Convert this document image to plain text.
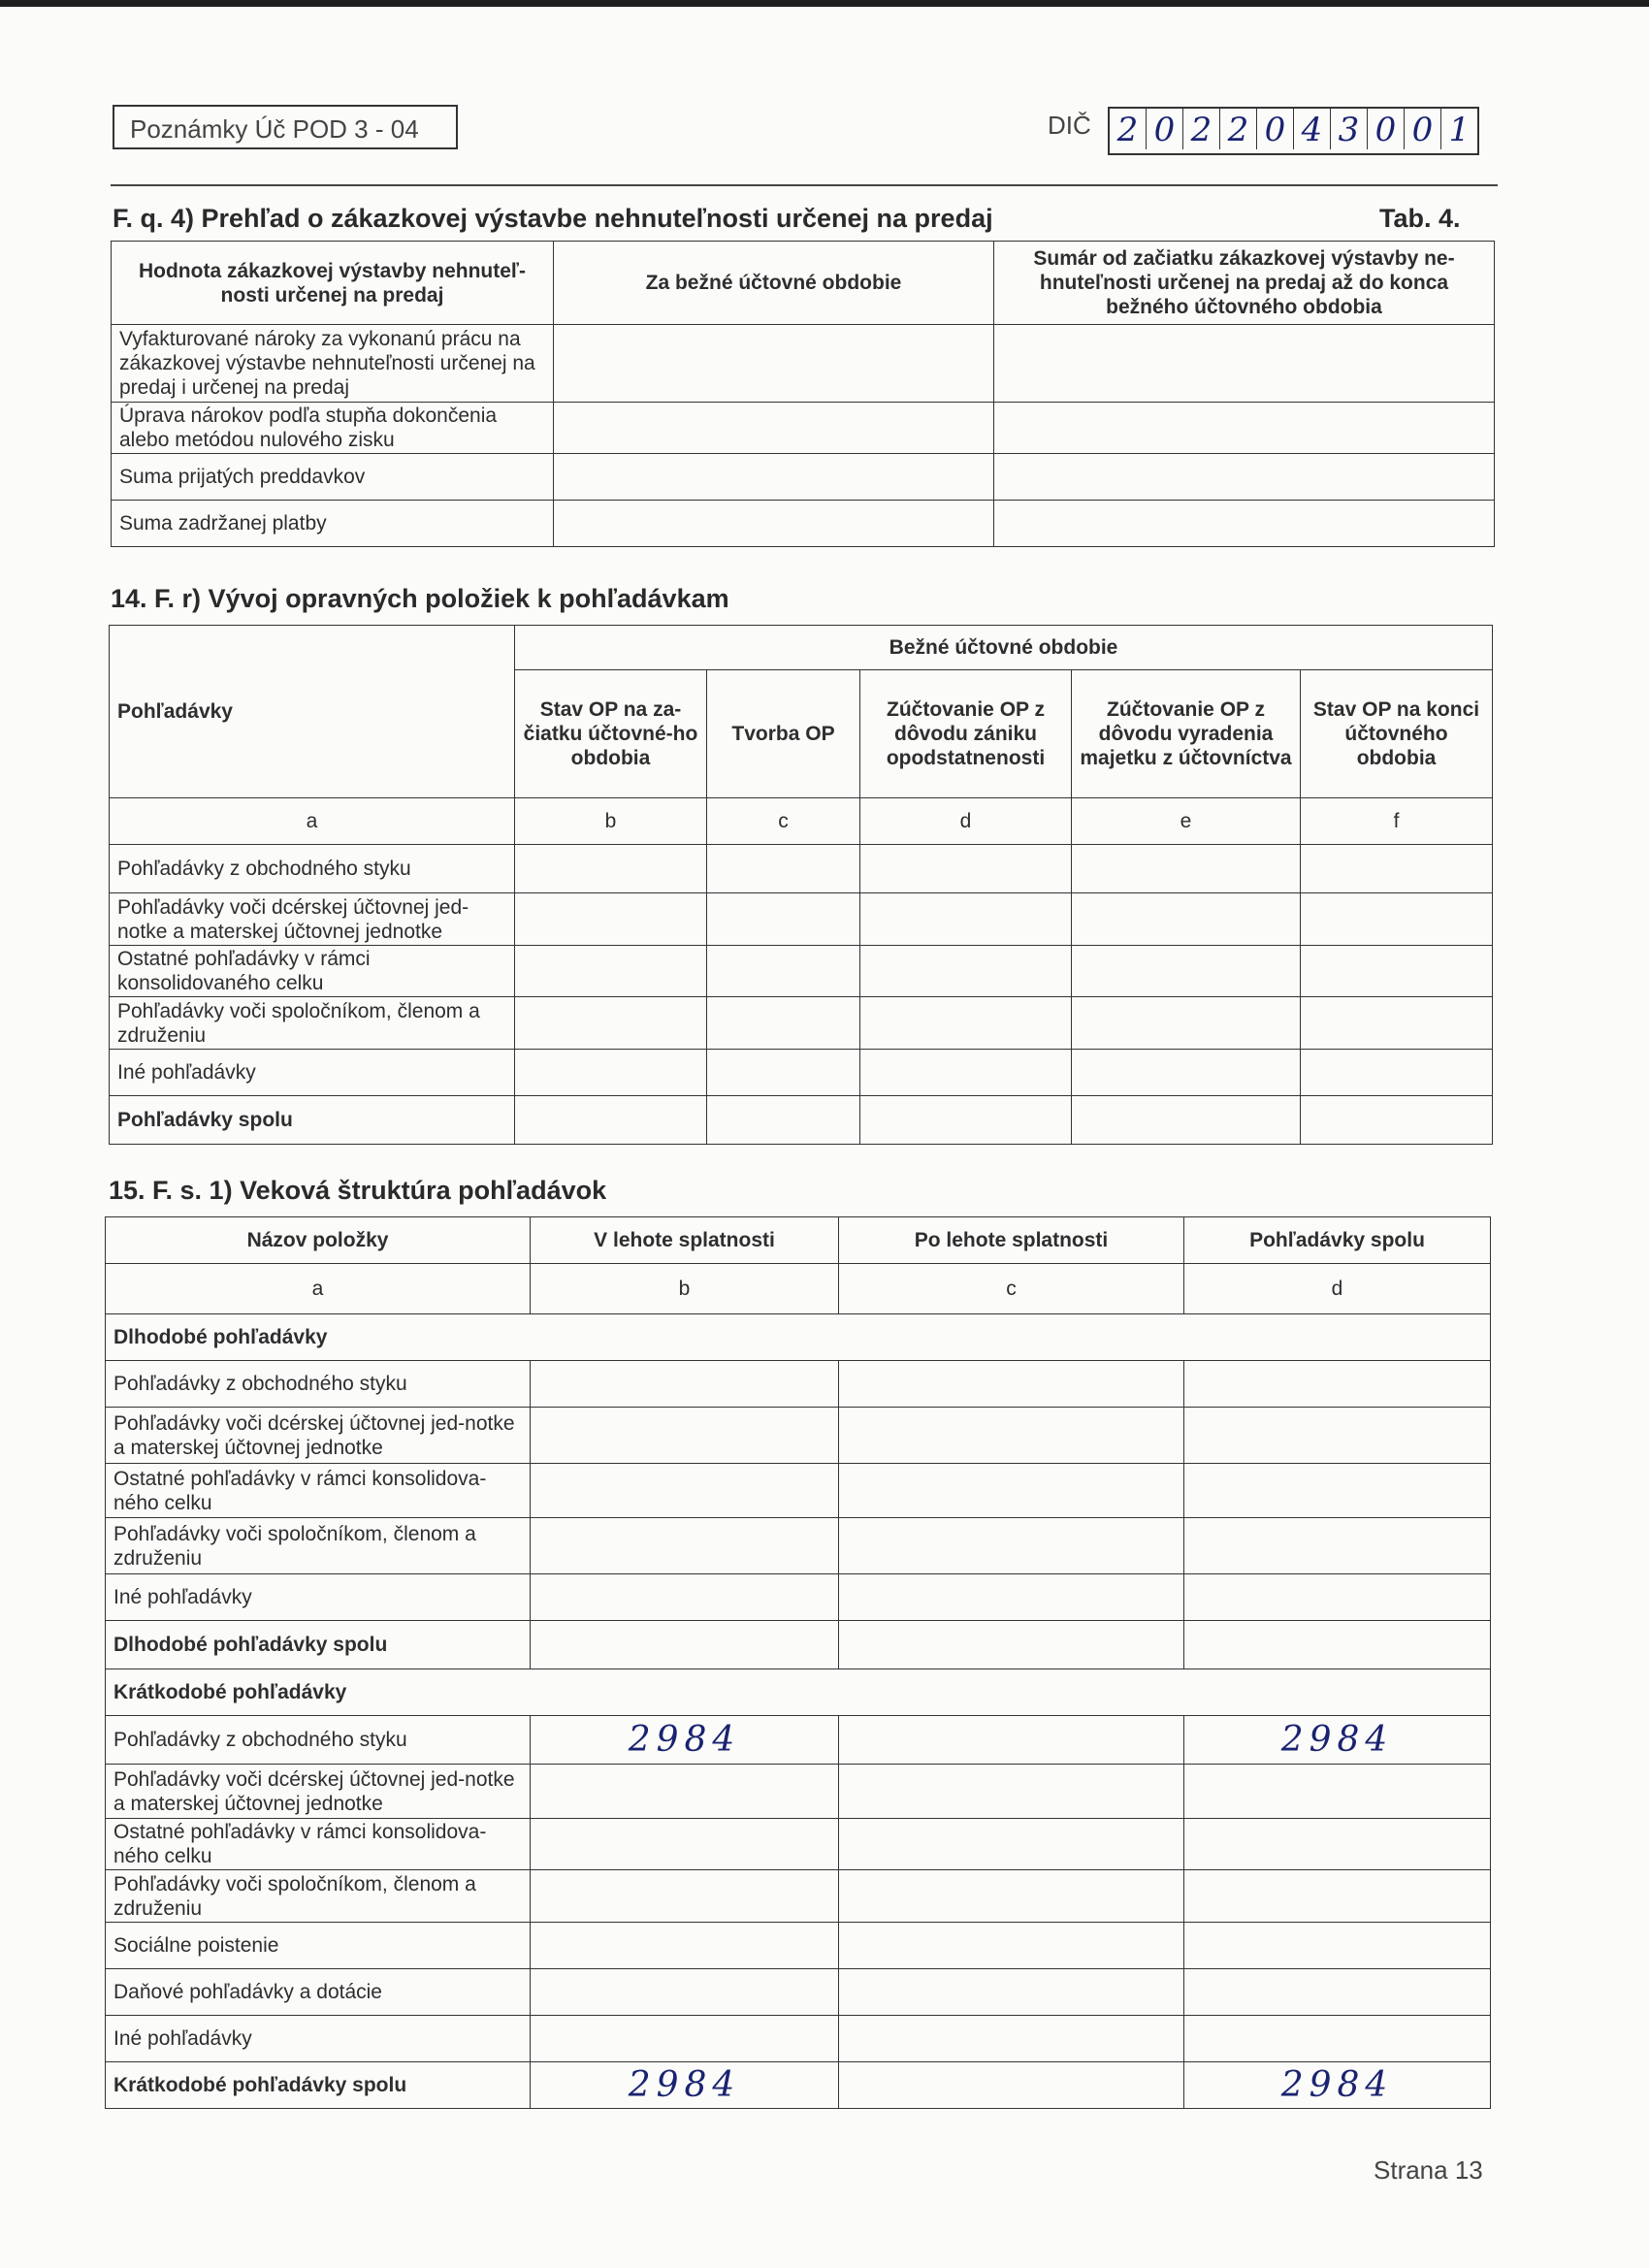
Poznámky Úč POD 3 - 04	DIČ 2 0 2 2 0 4 3 0 0 1
F. q. 4) Prehľad o zákazkovej výstavbe nehnuteľnosti určenej na predaj	Tab. 4.
Hodnota zákazkovej výstavby nehnuteľ-nosti určenej na predaj	Za bežné účtovné obdobie	Sumár od začiatku zákazkovej výstavby ne-hnuteľnosti určenej na predaj až do konca bežného účtovného obdobia
Vyfakturované nároky za vykonanú prácu na zákazkovej výstavbe nehnuteľnosti určenej na predaj i určenej na predaj		
Úprava nárokov podľa stupňa dokončenia alebo metódou nulového zisku		
Suma prijatých preddavkov		
Suma zadržanej platby		
14. F. r) Vývoj opravných položiek k pohľadávkam
Pohľadávky	Bežné účtovné obdobie				
	Stav OP na za-čiatku účtovné-ho obdobia	Tvorba OP	Zúčtovanie OP z dôvodu zániku opodstatnenosti	Zúčtovanie OP z dôvodu vyradenia majetku z účtovníctva	Stav OP na konci účtovného obdobia
a	b	c	d	e	f
Pohľadávky z obchodného styku					
Pohľadávky voči dcérskej účtovnej jed-notke a materskej účtovnej jednotke					
Ostatné pohľadávky v rámci konsolidovaného celku					
Pohľadávky voči spoločníkom, členom a združeniu					
Iné pohľadávky					
Pohľadávky spolu					
15. F. s. 1) Veková štruktúra pohľadávok
Názov položky	V lehote splatnosti	Po lehote splatnosti	Pohľadávky spolu
a	b	c	d
Dlhodobé pohľadávky			
Pohľadávky z obchodného styku			
Pohľadávky voči dcérskej účtovnej jed-notke a materskej účtovnej jednotke			
Ostatné pohľadávky v rámci konsolidova-ného celku			
Pohľadávky voči spoločníkom, členom a združeniu			
Iné pohľadávky			
Dlhodobé pohľadávky spolu			
Krátkodobé pohľadávky			
Pohľadávky z obchodného styku	2984		2984
Pohľadávky voči dcérskej účtovnej jed-notke a materskej účtovnej jednotke			
Ostatné pohľadávky v rámci konsolidova-ného celku			
Pohľadávky voči spoločníkom, členom a združeniu			
Sociálne poistenie			
Daňové pohľadávky a dotácie			
Iné pohľadávky			
Krátkodobé pohľadávky spolu	2984		2984
Strana 13
